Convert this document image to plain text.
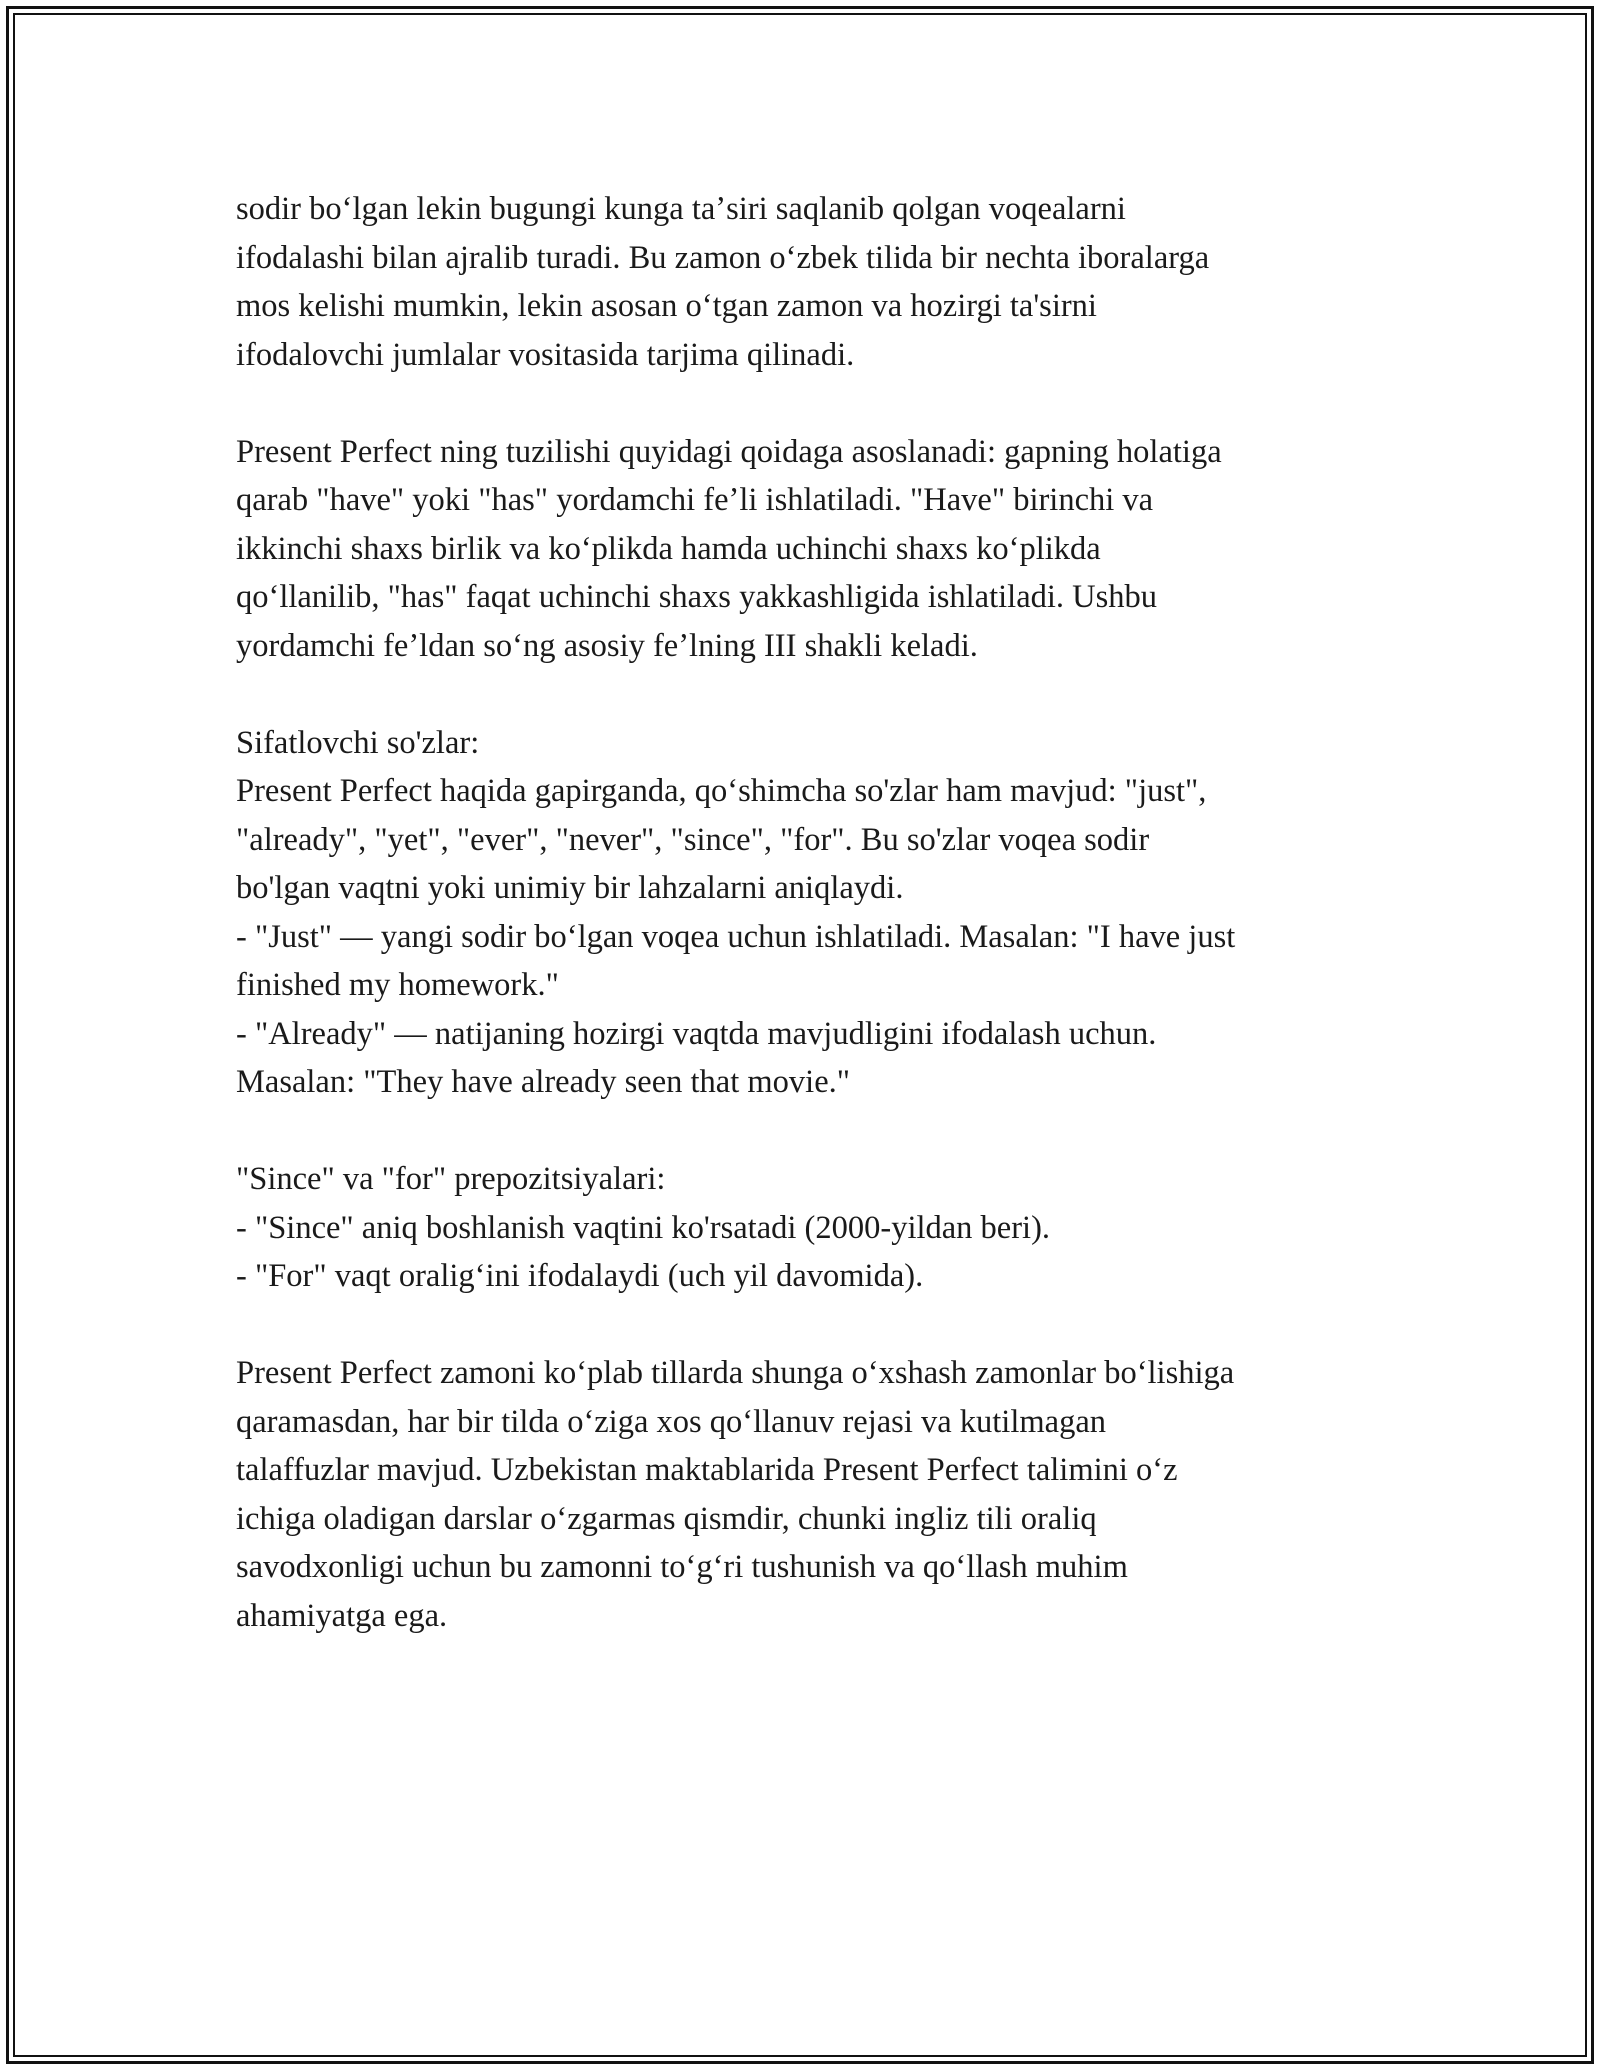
sodir boʻlgan lekin bugungi kunga taʼsiri saqlanib qolgan voqealarni
ifodalashi bilan ajralib turadi. Bu zamon oʻzbek tilida bir nechta iboralarga
mos kelishi mumkin, lekin asosan oʻtgan zamon va hozirgi ta'sirni
ifodalovchi jumlalar vositasida tarjima qilinadi.
Present Perfect ning tuzilishi quyidagi qoidaga asoslanadi: gapning holatiga
qarab "have" yoki "has" yordamchi feʼli ishlatiladi. "Have" birinchi va
ikkinchi shaxs birlik va koʻplikda hamda uchinchi shaxs koʻplikda
qoʻllanilib, "has" faqat uchinchi shaxs yakkashligida ishlatiladi. Ushbu
yordamchi feʼldan soʻng asosiy feʼlning III shakli keladi.
Sifatlovchi so'zlar:
Present Perfect haqida gapirganda, qoʻshimcha so'zlar ham mavjud: "just",
"already", "yet", "ever", "never", "since", "for". Bu so'zlar voqea sodir
bo'lgan vaqtni yoki unimiy bir lahzalarni aniqlaydi.
- "Just" — yangi sodir boʻlgan voqea uchun ishlatiladi. Masalan: "I have just
finished my homework."
- "Already" — natijaning hozirgi vaqtda mavjudligini ifodalash uchun.
Masalan: "They have already seen that movie."
"Since" va "for" prepozitsiyalari:
- "Since" aniq boshlanish vaqtini ko'rsatadi (2000-yildan beri).
- "For" vaqt oraligʻini ifodalaydi (uch yil davomida).
Present Perfect zamoni koʻplab tillarda shunga oʻxshash zamonlar boʻlishiga
qaramasdan, har bir tilda oʻziga xos qoʻllanuv rejasi va kutilmagan
talaffuzlar mavjud. Uzbekistan maktablarida Present Perfect talimini oʻz
ichiga oladigan darslar oʻzgarmas qismdir, chunki ingliz tili oraliq
savodxonligi uchun bu zamonni toʻgʻri tushunish va qoʻllash muhim
ahamiyatga ega.
